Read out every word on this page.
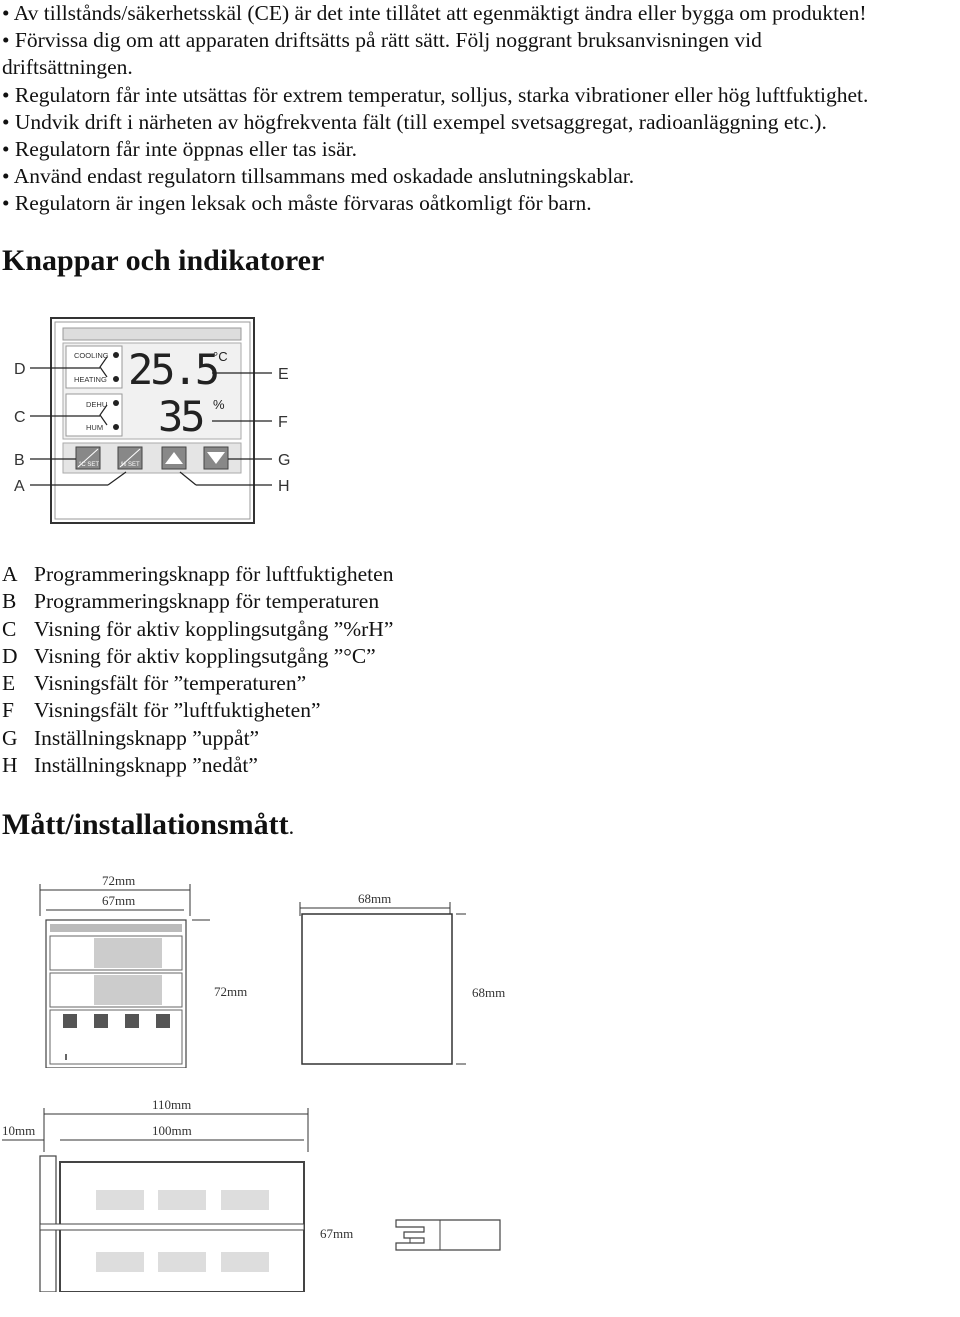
• Av tillstånds/säkerhetsskäl (CE) är det inte tillåtet att egenmäktigt ändra eller bygga om produkten!
• Förvissa dig om att apparaten driftsätts på rätt sätt. Följ noggrant bruksanvisningen vid driftsättningen.
• Regulatorn får inte utsättas för extrem temperatur, solljus, starka vibrationer eller hög luftfuktighet.
• Undvik drift i närheten av högfrekventa fält (till exempel svetsaggregat, radioanläggning etc.).
• Regulatorn får inte öppnas eller tas isär.
• Använd endast regulatorn tillsammans med oskadade anslutningskablar.
• Regulatorn är ingen leksak och måste förvaras oåtkomligt för barn.
Knappar och indikatorer
COOLING
HEATING 25.5
°C
DEHU
HUM 35 %
°C SET	% SET
D
C
B
A
E
F
G
H
A Programmeringsknapp för luftfuktigheten
B Programmeringsknapp för temperaturen
C Visning för aktiv kopplingsutgång ”%rH”
D Visning för aktiv kopplingsutgång ”°C”
E Visningsfält för ”temperaturen”
F Visningsfält för ”luftfuktigheten”
G Inställningsknapp ”uppåt”
H Inställningsknapp ”nedåt”
Mått/installationsmått.
72mm
67mm
72mm
68mm
68mm
110mm
100mm
10mm
67mm
